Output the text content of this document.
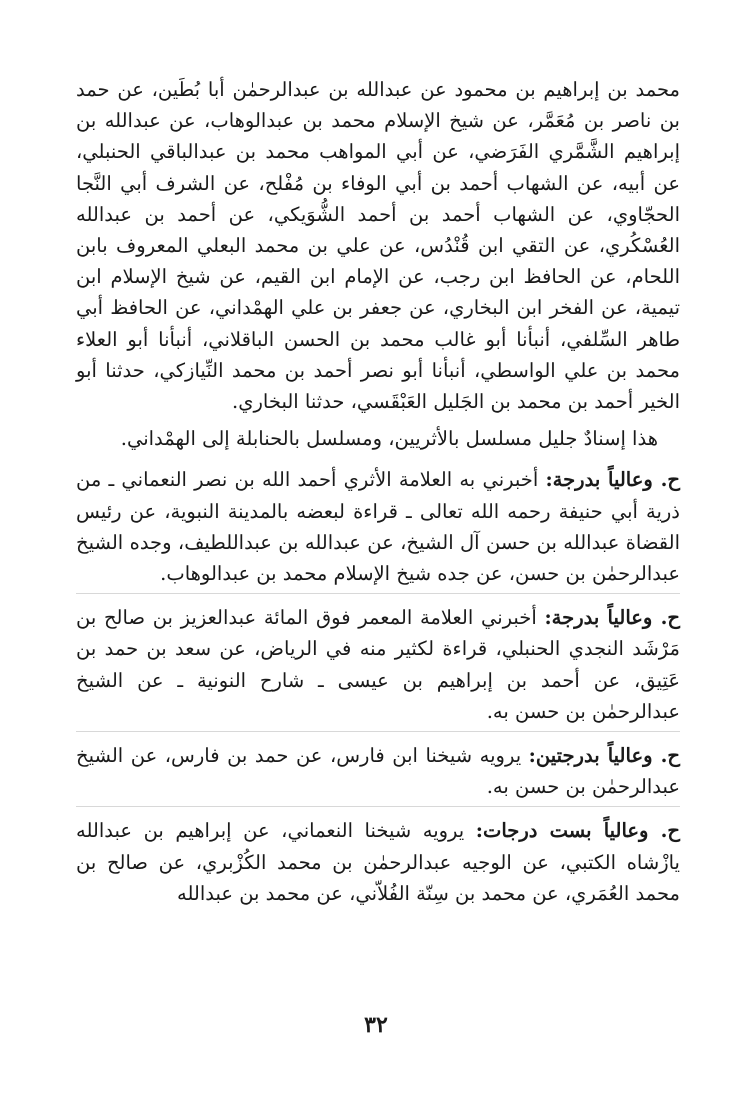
محمد بن إبراهيم بن محمود عن عبدالله بن عبدالرحمٰن أبا بُطَين، عن حمد بن ناصر بن مُعَمَّر، عن شيخ الإسلام محمد بن عبدالوهاب، عن عبدالله بن إبراهيم الشَّمَّري الفَرَضي، عن أبي المواهب محمد بن عبدالباقي الحنبلي، عن أبيه، عن الشهاب أحمد بن أبي الوفاء بن مُفْلح، عن الشرف أبي النَّجا الحجّاوي، عن الشهاب أحمد بن أحمد الشُّوَيكي، عن أحمد بن عبدالله العُسْكُري، عن التقي ابن قُنْدُس، عن علي بن محمد البعلي المعروف بابن اللحام، عن الحافظ ابن رجب، عن الإمام ابن القيم، عن شيخ الإسلام ابن تيمية، عن الفخر ابن البخاري، عن جعفر بن علي الهمْداني، عن الحافظ أبي طاهر السِّلفي، أنبأنا أبو غالب محمد بن الحسن الباقلاني، أنبأنا أبو العلاء محمد بن علي الواسطي، أنبأنا أبو نصر أحمد بن محمد النِّيازكي، حدثنا أبو الخير أحمد بن محمد بن الجَليل العَبْقَسي، حدثنا البخاري.

هذا إسنادٌ جليل مسلسل بالأثريين، ومسلسل بالحنابلة إلى الهمْداني.

ح. وعالياً بدرجة: أخبرني به العلامة الأثري أحمد الله بن نصر النعماني ـ من ذرية أبي حنيفة رحمه الله تعالى ـ قراءة لبعضه بالمدينة النبوية، عن رئيس القضاة عبدالله بن حسن آل الشيخ، عن عبدالله بن عبداللطيف، وجده الشيخ عبدالرحمٰن بن حسن، عن جده شيخ الإسلام محمد بن عبدالوهاب.

ح. وعالياً بدرجة: أخبرني العلامة المعمر فوق المائة عبدالعزيز بن صالح بن مَرْشَد النجدي الحنبلي، قراءة لكثير منه في الرياض، عن سعد بن حمد بن عَتِيق، عن أحمد بن إبراهيم بن عيسى ـ شارح النونية ـ عن الشيخ عبدالرحمٰن بن حسن به.

ح. وعالياً بدرجتين: يرويه شيخنا ابن فارس، عن حمد بن فارس، عن الشيخ عبدالرحمٰن بن حسن به.

ح. وعالياً بست درجات: يرويه شيخنا النعماني، عن إبراهيم بن عبدالله يازْشاه الكتبي، عن الوجيه عبدالرحمٰن بن محمد الكُزْبري، عن صالح بن محمد العُمَري، عن محمد بن سِنّة الفُلاّني، عن محمد بن عبدالله

٣٢
